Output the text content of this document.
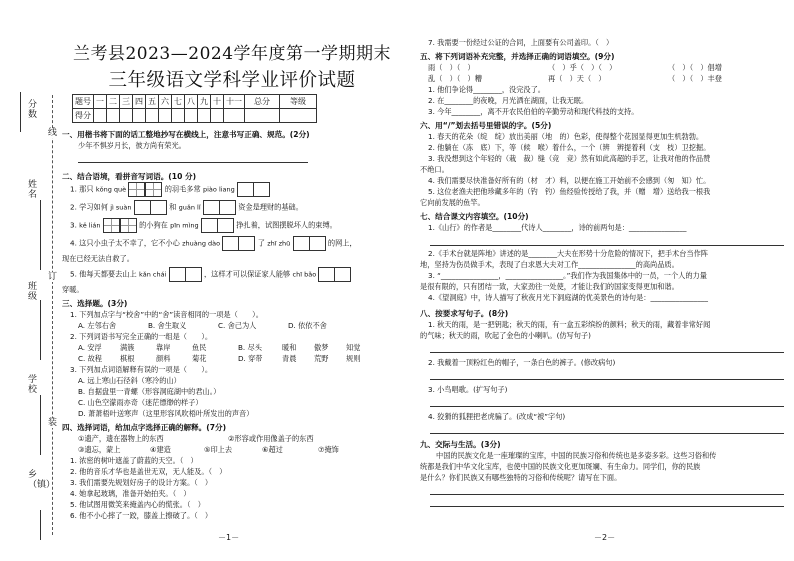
分数
姓名
班级
学校
乡（镇）
线
订
装
兰考县2023—2024学年度第一学期期末
三年级语文学科学业评价试题
题号	一	二	三	四	五	六	七	八	九	十	十一	总分	等级
得分													
一、用楷书将下面的话工整地抄写在横线上，注意书写正确、规范。(2分)
少年不惧岁月长，彼方尚有荣光。
二、结合语境，看拼音写词语。(10 分)
1. 那只 kǒng què	的羽毛多常 piào liang
2. 学习如何 jì suàn	和 guǎn lǐ	资金是理财的基础。
3. kě lián	的小狗在 pīn mìng	挣扎着，试图摆脱坏人的束缚。
4. 这只小虫子太不幸了，它不小心 zhuàng dào	了 zhī zhū	的网上，
现在已经无法自救了。
5. 他每天都要去山上 kǎn chái	，这样才可以保证家人能够 chī bǎo
穿暖。
三、选择题。(3分)
1. 下列加点字与“校舍”中的“舍”读音相同的一项是（　　）。
A. 左邻右舍	B. 舍生取义	C. 舍己为人	D. 依依不舍
2. 下列词语书写完全正确的一组是（　　）。
A. 安浮	满簇	靠岸	鱼民	B. 尽头	暖和 傲梦 知觉
C. 故程	棋根	颜料	菊花	D. 穿带	青晨 荒野 规则
3. 下列加点词语解释有误的一项是（　　）。
A. 远上寒山石径斜（寒冷的山）
B. 自据盘里一青螺（形容洞庭湖中的君山。）
C. 山色空濛雨亦奇（迷茫缥缈的样子）
D. 萧萧梧叶送寒声（这里形容风吹梧叶所发出的声音）
四、选择词语，给加点字选择正确的解释。(7分)
①遗产，遗在器物上的东西	②形容或作用像盖子的东西
③遗忘，蒙上	④建造	⑤印上去	⑥超过	⑦掩饰
1. 浓密的树叶遮盖了蔚蓝的天空。（　）
2. 他的音乐才华也是盖世无双，无人能及。（　）
3. 我们需要先规划好房子的设计方案。（　）
4. 她拿起玻璃，准备开始拍夹。（　）
5. 他试图用微笑来掩盖内心的慌张。（　）
6. 他不小心摔了一跤，膝盖上擦破了。（　）
－1－
7. 我需要一份经过公证的合同，上面要有公司盖印。（　）
五、将下列词语补充完整，并选择正确的词语填空。(9分)
雨（　）（　）	（　）乎（　）（　）	（　）（　）倡增
乱（　）（　）糟	再（　）天（　）	（　）（　）丰登
1. 他们争论得________，没完没了。
2. 在________的夜晚，月光洒在湖面，让我无眠。
3. 今年________，离不开农民伯伯的辛勤劳动和现代科技的支持。
六、用“/”划去括号里错误的字。(5分)
1. 春天的花朵（绽　绽）放出美丽（地　的）色彩，使得整个花园显得更加生机勃勃。
2. 他躺在（冻　底）下，等（候　喉）着什么，一个（辨　辨提着利（支　枝）卫挖掘。
3. 我没想到这个年轻的（栽　裁）缝（竞　竞）然有如此高超的手艺，让我对他的作品赞
不绝口。
4. 我们需要尽快准备好所有的（材　才）料，以便在施工开始前不会感到（匆　知）忙。
5. 这位老渔夫把他珍藏多年的（钓　钓）鱼经验传授给了我，并（赠　增）送给我一根我
它向前发展的鱼竿。
七、结合课文内容填空。(10分)
1.《山行》的作者是________代诗人________，诗的前两句是：________________
2.《手术台就是阵地》讲述的是________大夫在形势十分危险的情况下，把手术台当作阵
地，坚持为伤员做手术，表现了白求恩大夫对工作________________的高尚品质。
3. “________________，________________。”我们作为我国集体中的一员，一个人的力量
是很有限的，只有团结一致，大家劲往一处使，才能让我们的国家变得更加和谐。
4.《望洞庭》中，诗人描写了秋夜月光下洞庭湖的优美景色的诗句是：________________
八、按要求写句子。(8分)
1. 秋天的雨，是一把钥匙；秋天的雨，有一盒五彩缤纷的颜料；秋天的雨，藏着非常好闻
的气味；秋天的雨，吹起了金色的小喇叭。(仿写句子)
2. 我戴着一顶粉红色的帽子，一条白色的裤子。(修改病句)
3. 小鸟唱歌。(扩写句子)
4. 狡猾的狐狸把老虎骗了。(改成“被”字句)
九、交际与生活。(3分)
中国的民族文化是一座璀璨的宝库，中国的民族习俗和传统也是多姿多彩。这些习俗和传
统都是我们中华文化宝库，也使中国的民族文化更加斑斓、有生命力。同学们，你的民族
是什么？你们民族又有哪些独特的习俗和传统呢？请写在下面。
－2－
